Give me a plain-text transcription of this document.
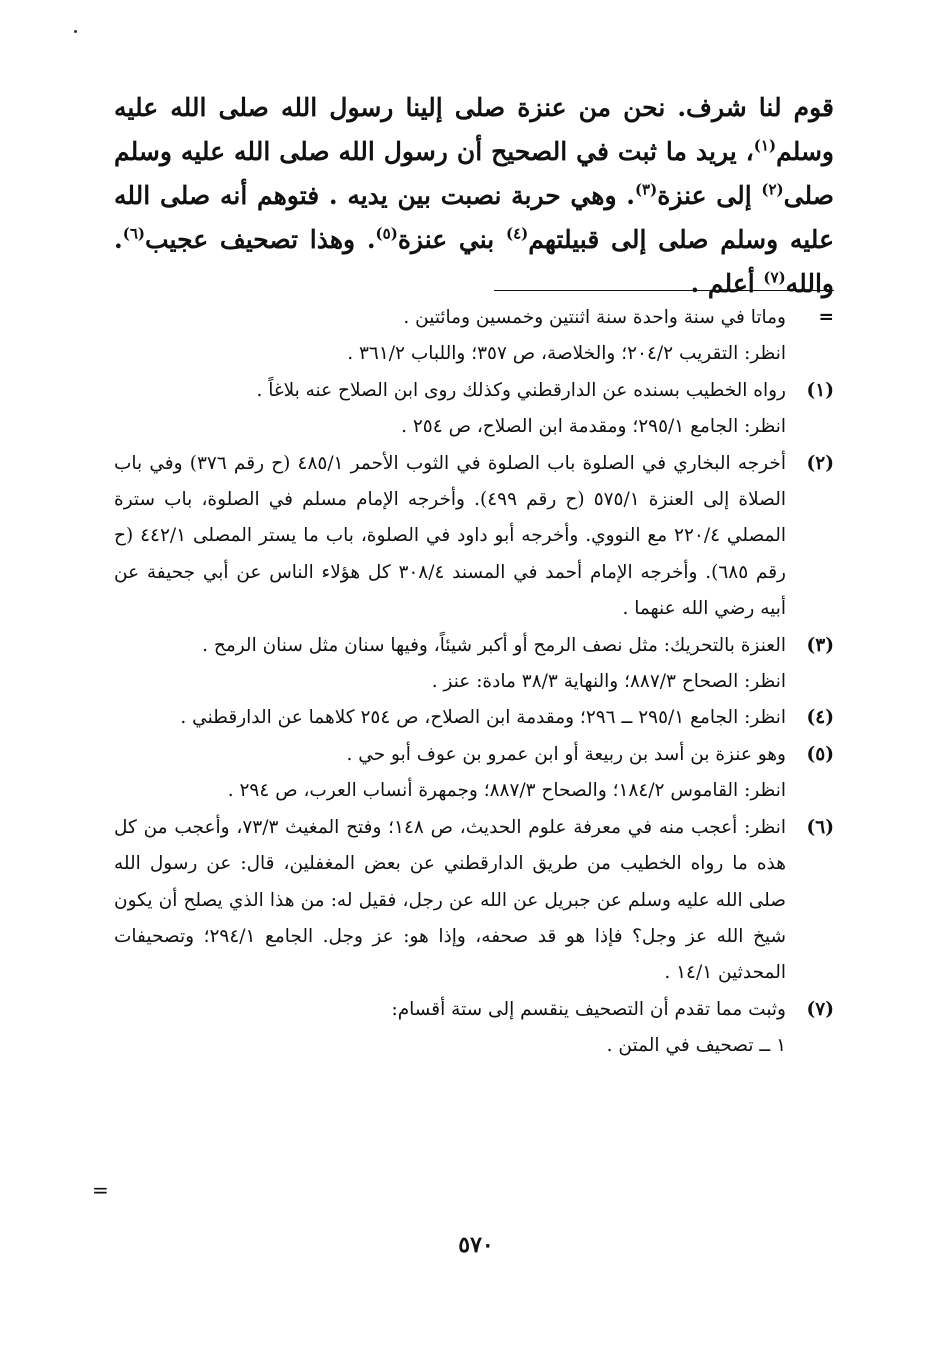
قوم لنا شرف. نحن من عنزة صلى إلينا رسول الله صلى الله عليه وسلم$^{(١)}$، يريد ما ثبت في الصحيح أن رسول الله صلى الله عليه وسلم صلى$^{(٢)}$ إلى عنزة$^{(٣)}$. وهي حربة نصبت بين يديه . فتوهم أنه صلى الله عليه وسلم صلى إلى قبيلتهم$^{(٤)}$ بني عنزة$^{(٥)}$. وهذا تصحيف عجيب$^{(٦)}$. والله$^{(٧)}$ أعلم .

=

وماتا في سنة واحدة سنة اثنتين وخمسين ومائتين .

انظر: التقريب ٢٠٤/٢؛ والخلاصة، ص ٣٥٧؛ واللباب ٣٦١/٢ .

(١)

رواه الخطيب بسنده عن الدارقطني وكذلك روى ابن الصلاح عنه بلاغاً .

انظر: الجامع ٢٩٥/١؛ ومقدمة ابن الصلاح، ص ٢٥٤ .

(٢)

أخرجه البخاري في الصلوة باب الصلوة في الثوب الأحمر ٤٨٥/١ (ح رقم ٣٧٦) وفي باب الصلاة إلى العنزة ٥٧٥/١ (ح رقم ٤٩٩). وأخرجه الإمام مسلم في الصلوة، باب سترة المصلي ٢٢٠/٤ مع النووي. وأخرجه أبو داود في الصلوة، باب ما يستر المصلى ٤٤٢/١ (ح رقم ٦٨٥). وأخرجه الإمام أحمد في المسند ٣٠٨/٤ كل هؤلاء الناس عن أبي جحيفة عن أبيه رضي الله عنهما .

(٣)

العنزة بالتحريك: مثل نصف الرمح أو أكبر شيئاً، وفيها سنان مثل سنان الرمح .

انظر: الصحاح ٨٨٧/٣؛ والنهاية ٣٨/٣ مادة: عنز .

(٤)

انظر: الجامع ٢٩٥/١ ــ ٢٩٦؛ ومقدمة ابن الصلاح، ص ٢٥٤ كلاهما عن الدارقطني .

(٥)

وهو عنزة بن أسد بن ربيعة أو ابن عمرو بن عوف أبو حي .

انظر: القاموس ١٨٤/٢؛ والصحاح ٨٨٧/٣؛ وجمهرة أنساب العرب، ص ٢٩٤ .

(٦)

انظر: أعجب منه في معرفة علوم الحديث، ص ١٤٨؛ وفتح المغيث ٧٣/٣، وأعجب من كل هذه ما رواه الخطيب من طريق الدارقطني عن بعض المغفلين، قال: عن رسول الله صلى الله عليه وسلم عن جبريل عن الله عن رجل، فقيل له: من هذا الذي يصلح أن يكون شيخ الله عز وجل؟ فإذا هو قد صحفه، وإذا هو: عز وجل. الجامع ٢٩٤/١؛ وتصحيفات المحدثين ١٤/١ .

(٧)

وثبت مما تقدم أن التصحيف ينقسم إلى ستة أقسام:

١ ــ تصحيف في المتن .

=
٥٧٠
